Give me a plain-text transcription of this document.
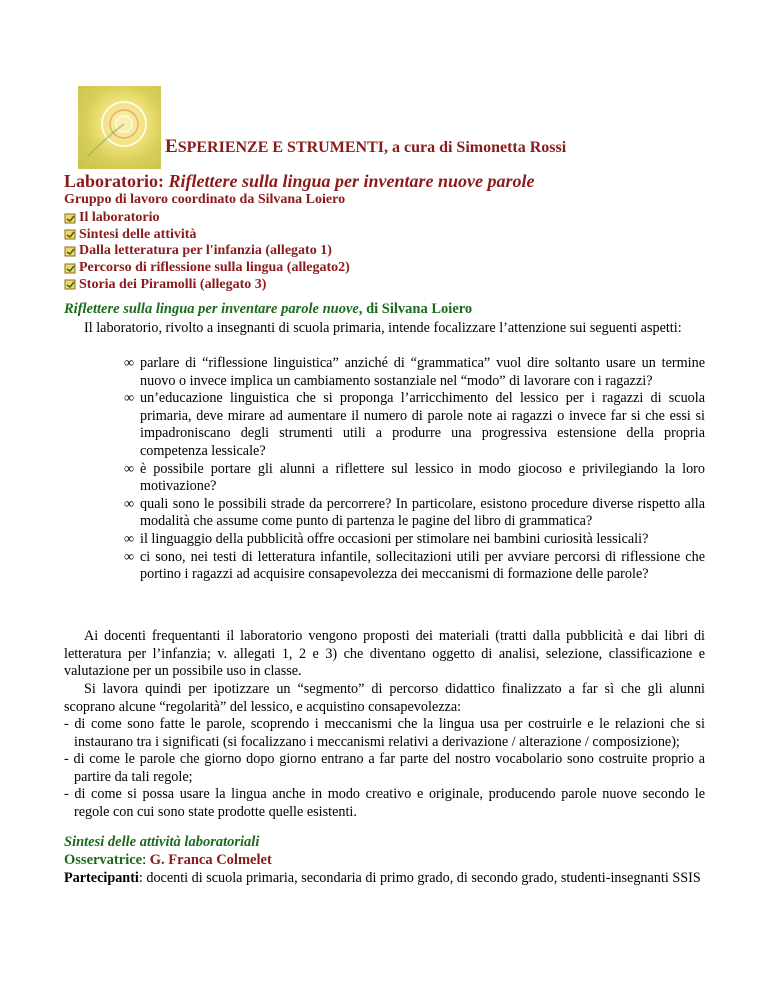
ESPERIENZE E STRUMENTI, a cura di Simonetta Rossi
Laboratorio: Riflettere sulla lingua per inventare nuove parole
Gruppo di lavoro coordinato da Silvana Loiero
Il laboratorio
Sintesi delle attività
Dalla letteratura per l'infanzia (allegato 1)
Percorso di riflessione sulla lingua (allegato2)
Storia dei Piramolli (allegato 3)
Riflettere sulla lingua per inventare parole nuove, di Silvana Loiero
Il laboratorio, rivolto a insegnanti di scuola primaria, intende focalizzare l’attenzione sui seguenti aspetti:
∞ parlare di “riflessione linguistica” anziché di “grammatica” vuol dire soltanto usare un termine nuovo o invece implica un cambiamento sostanziale nel “modo” di lavorare con i ragazzi?
∞ un’educazione linguistica che si proponga l’arricchimento del lessico per i ragazzi di scuola primaria, deve mirare ad aumentare il numero di parole note ai ragazzi o invece far si che essi si impadroniscano degli strumenti utili a produrre una progressiva estensione della propria competenza lessicale?
∞ è possibile portare gli alunni a riflettere sul lessico in modo giocoso e privilegiando la loro motivazione?
∞ quali sono le possibili strade da percorrere? In particolare, esistono procedure diverse rispetto alla modalità che assume come punto di partenza le pagine del libro di grammatica?
∞ il linguaggio della pubblicità offre occasioni per stimolare nei bambini curiosità lessicali?
∞ ci sono, nei testi di letteratura infantile, sollecitazioni utili per avviare percorsi di riflessione che portino i ragazzi ad acquisire consapevolezza dei meccanismi di formazione delle parole?
Ai docenti frequentanti il laboratorio vengono proposti dei materiali (tratti dalla pubblicità e dai libri di letteratura per l’infanzia; v. allegati 1, 2 e 3) che diventano oggetto di analisi, selezione, classificazione e valutazione per un possibile uso in classe.
Si lavora quindi per ipotizzare un “segmento” di percorso didattico finalizzato a far sì che gli alunni scoprano alcune “regolarità” del lessico, e acquistino consapevolezza:
- di come sono fatte le parole, scoprendo i meccanismi che la lingua usa per costruirle e le relazioni che si instaurano tra i significati (si focalizzano i meccanismi relativi a derivazione / alterazione / composizione);
- di come le parole che giorno dopo giorno entrano a far parte del nostro vocabolario sono costruite proprio a partire da tali regole;
- di come si possa usare la lingua anche in modo creativo e originale, producendo parole nuove secondo le regole con cui sono state prodotte quelle esistenti.
Sintesi delle attività laboratoriali
Osservatrice: G. Franca Colmelet
Partecipanti: docenti di scuola primaria, secondaria di primo grado, di secondo grado, studenti-insegnanti SSIS
